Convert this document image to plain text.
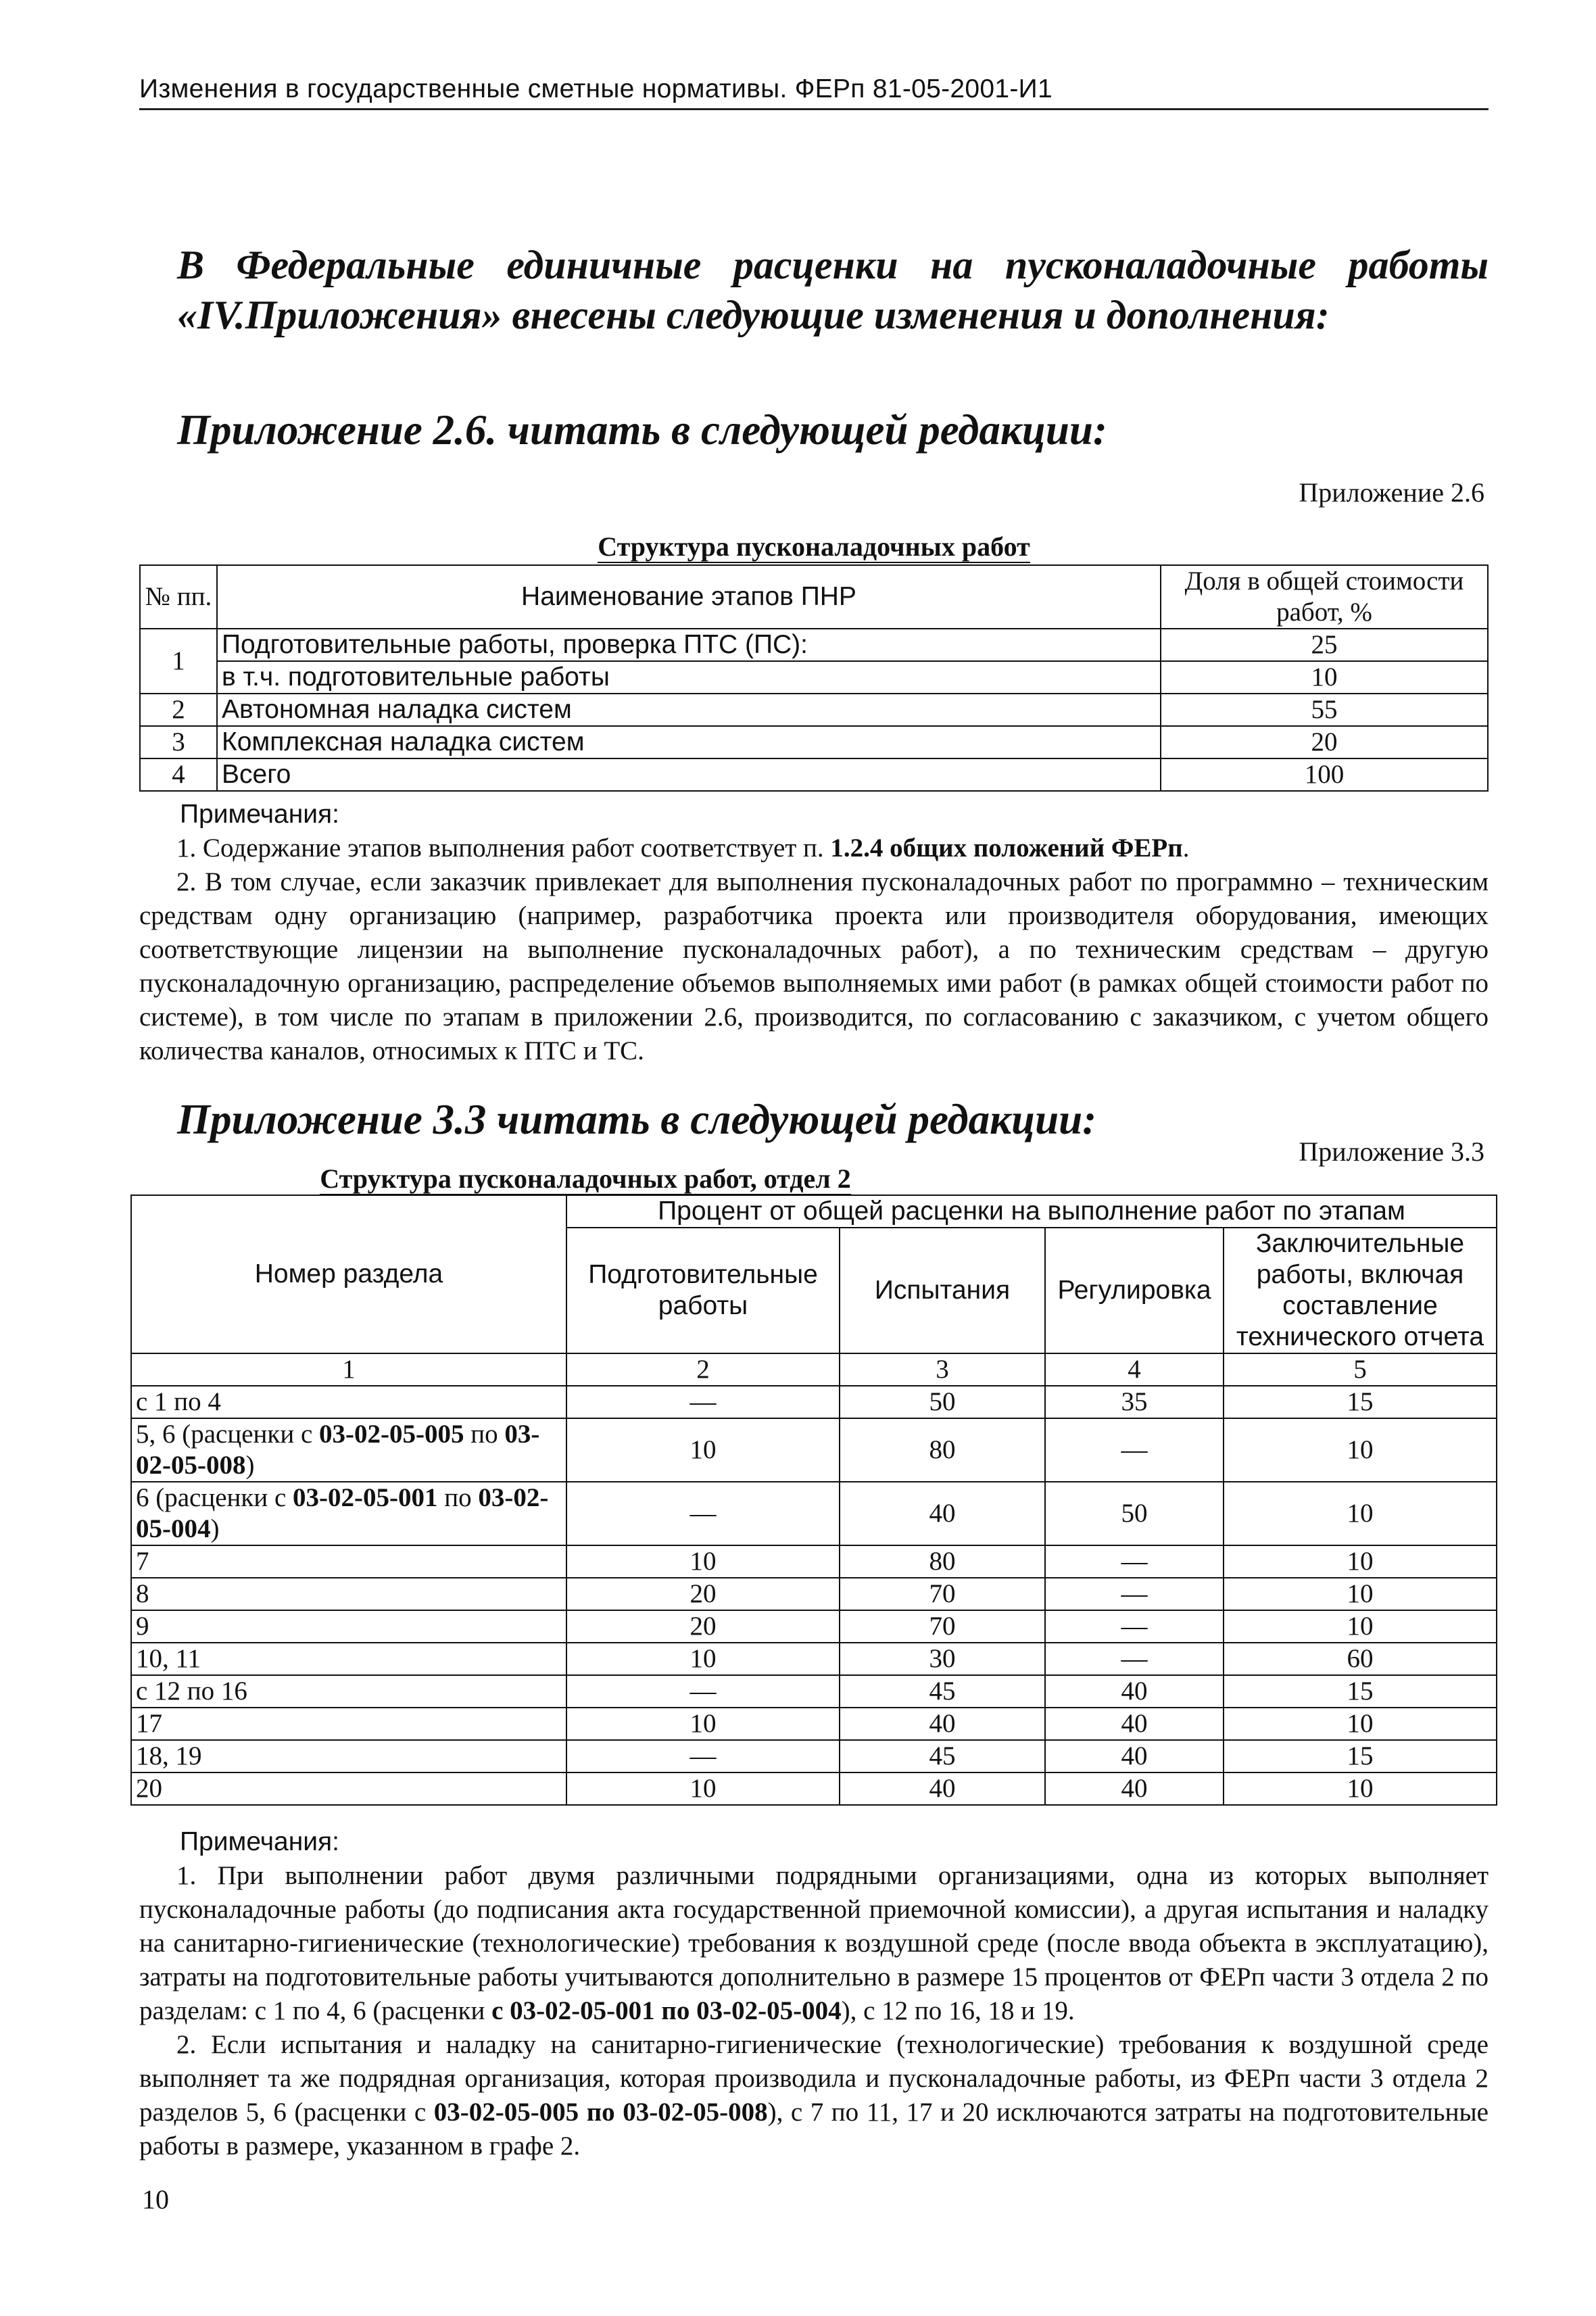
Изменения в государственные сметные нормативы. ФЕРп 81-05-2001-И1
В Федеральные единичные расценки на пусконаладочные работы
«IV.Приложения» внесены следующие изменения и дополнения:
Приложение 2.6. читать в следующей редакции:
Приложение 2.6
Структура пусконаладочных работ
№ пп.	Наименование этапов ПНР	Доля в общей стоимости работ, %
1	Подготовительные работы, проверка ПТС (ПС):	25
	в т.ч. подготовительные работы	10
2	Автономная наладка систем	55
3	Комплексная наладка систем	20
4	Всего	100

Примечания:

1. Содержание этапов выполнения работ соответствует п. 1.2.4 общих положений ФЕРп.

2. В том случае, если заказчик привлекает для выполнения пусконаладочных работ по программно – техническим средствам одну организацию (например, разработчика проекта или производителя оборудования, имеющих соответствующие лицензии на выполнение пусконаладочных работ), а по техническим средствам – другую пусконаладочную организацию, распределение объемов выполняемых ими работ (в рамках общей стоимости работ по системе), в том числе по этапам в приложении 2.6, производится, по согласованию с заказчиком, с учетом общего количества каналов, относимых к ПТС и ТС.

Приложение 3.3 читать в следующей редакции:
Приложение 3.3
Структура пусконаладочных работ, отдел 2
Номер раздела	Процент от общей расценки на выполнение работ по этапам			
	Подготовительные работы	Испытания	Регулировка	Заключительные работы, включая составление технического отчета
1	2	3	4	5
с 1 по 4	—	50	35	15
5, 6 (расценки с 03-02-05-005 по 03-02-05-008)	10	80	—	10
6 (расценки с 03-02-05-001 по 03-02-05-004)	—	40	50	10
7	10	80	—	10
8	20	70	—	10
9	20	70	—	10
10, 11	10	30	—	60
с 12 по 16	—	45	40	15
17	10	40	40	10
18, 19	—	45	40	15
20	10	40	40	10

Примечания:

1. При выполнении работ двумя различными подрядными организациями, одна из которых выполняет пусконаладочные работы (до подписания акта государственной приемочной комиссии), а другая испытания и наладку на санитарно-гигиенические (технологические) требования к воздушной среде (после ввода объекта в эксплуатацию), затраты на подготовительные работы учитываются дополнительно в размере 15 процентов от ФЕРп части 3 отдела 2 по разделам: с 1 по 4, 6 (расценки с 03-02-05-001 по 03-02-05-004), с 12 по 16, 18 и 19.

2. Если испытания и наладку на санитарно-гигиенические (технологические) требования к воздушной среде выполняет та же подрядная организация, которая производила и пусконаладочные работы, из ФЕРп части 3 отдела 2 разделов 5, 6 (расценки с 03-02-05-005 по 03-02-05-008), с 7 по 11, 17 и 20 исключаются затраты на подготовительные работы в размере, указанном в графе 2.

10
